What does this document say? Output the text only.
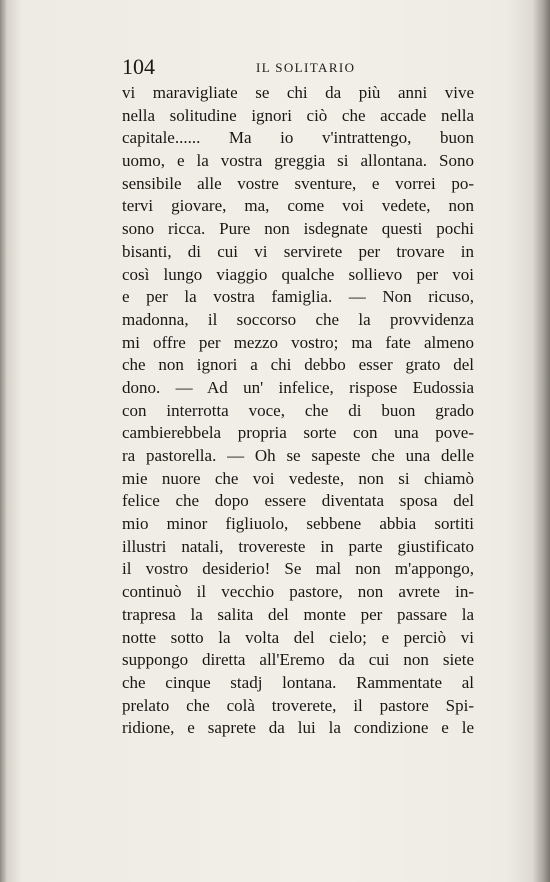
104	IL SOLITARIO
vi maravigliate se chi da più anni vive
nella solitudine ignori ciò che accade nella
capitale...... Ma io v'intrattengo, buon
uomo, e la vostra greggia si allontana. Sono
sensibile alle vostre sventure, e vorrei po-
tervi giovare, ma, come voi vedete, non
sono ricca. Pure non isdegnate questi pochi
bisanti, di cui vi servirete per trovare in
così lungo viaggio qualche sollievo per voi
e per la vostra famiglia. — Non ricuso,
madonna, il soccorso che la provvidenza
mi offre per mezzo vostro; ma fate almeno
che non ignori a chi debbo esser grato del
dono. — Ad un' infelice, rispose Eudossia
con interrotta voce, che di buon grado
cambierebbela propria sorte con una pove-
ra pastorella. — Oh se sapeste che una delle
mie nuore che voi vedeste, non si chiamò
felice che dopo essere diventata sposa del
mio minor figliuolo, sebbene abbia sortiti
illustri natali, trovereste in parte giustificato
il vostro desiderio! Se mal non m'appongo,
continuò il vecchio pastore, non avrete in-
trapresa la salita del monte per passare la
notte sotto la volta del cielo; e perciò vi
suppongo diretta all'Eremo da cui non siete
che cinque stadj lontana. Rammentate al
prelato che colà troverete, il pastore Spi-
ridione, e saprete da lui la condizione e le
